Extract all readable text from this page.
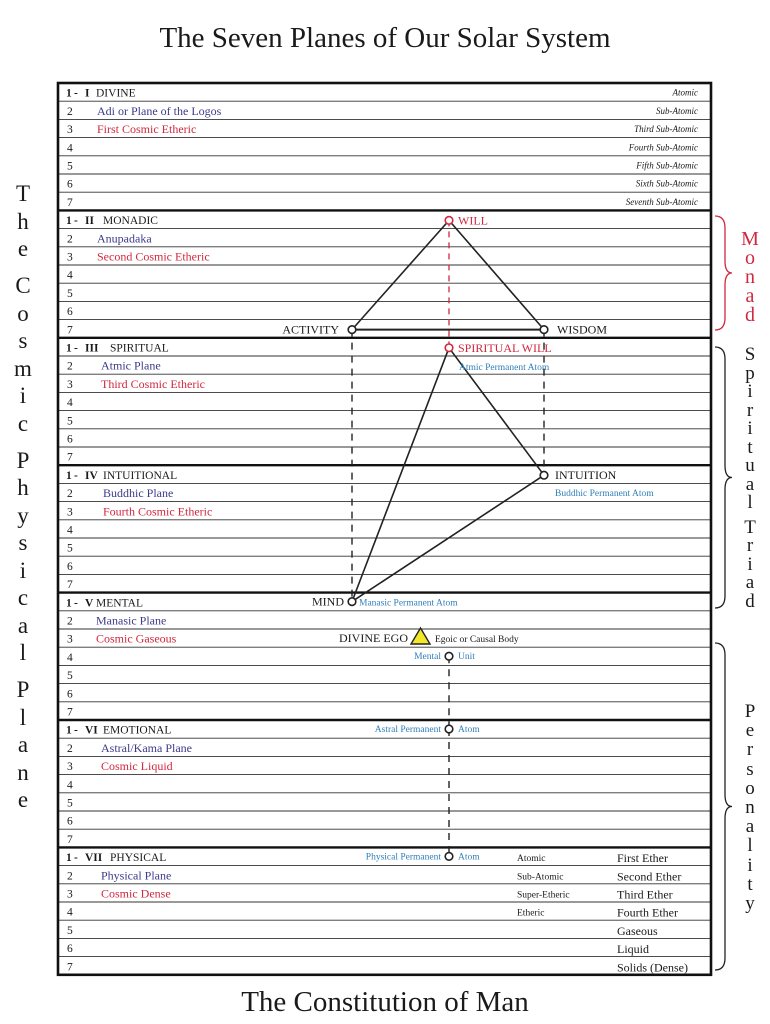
The Seven Planes of Our Solar System
The Constitution of Man
T
h
e

C
o
s
m
i
c

P
h
y
s
i
c
a
l

P
l
a
n
e
M
o
n
a
d
S
p
i
r
i
t
u
a
l

T
r
i
a
d
P
e
r
s
o
n
a
l
i
t
y
1 - I DIVINE
2
3
4
5
6
7
Adi or Plane of the Logos
First Cosmic Etheric
Atomic
Sub-Atomic
Third Sub-Atomic
Fourth Sub-Atomic
Fifth Sub-Atomic
Sixth Sub-Atomic
Seventh Sub-Atomic
1 - II MONADIC
2
3
4
5
6
7
Anupadaka
Second Cosmic Etheric
1 - III SPIRITUAL
2
3
4
5
6
7
Atmic Plane
Third Cosmic Etheric
1 - IV INTUITIONAL
2
3
4
5
6
7
Buddhic Plane
Fourth Cosmic Etheric
1 - V MENTAL
2
3
4
5
6
7
Manasic Plane
Cosmic Gaseous
1 - VI EMOTIONAL
2
3
4
5
6
7
Astral/Kama Plane
Cosmic Liquid
1 - VII PHYSICAL
2
3
4
5
6
7
Physical Plane
Cosmic Dense
Atomic
Sub-Atomic
Super-Etheric
Etheric
First Ether
Second Ether
Third Ether
Fourth Ether
Gaseous
Liquid
Solids (Dense)
WILL
ACTIVITY	WISDOM
SPIRITUAL WILL
Atmic Permanent Atom
INTUITION
Buddhic Permanent Atom
MIND Manasic Permanent Atom
DIVINE EGO	Egoic or Causal Body
Mental Unit
Astral Permanent Atom
Physical Permanent Atom
